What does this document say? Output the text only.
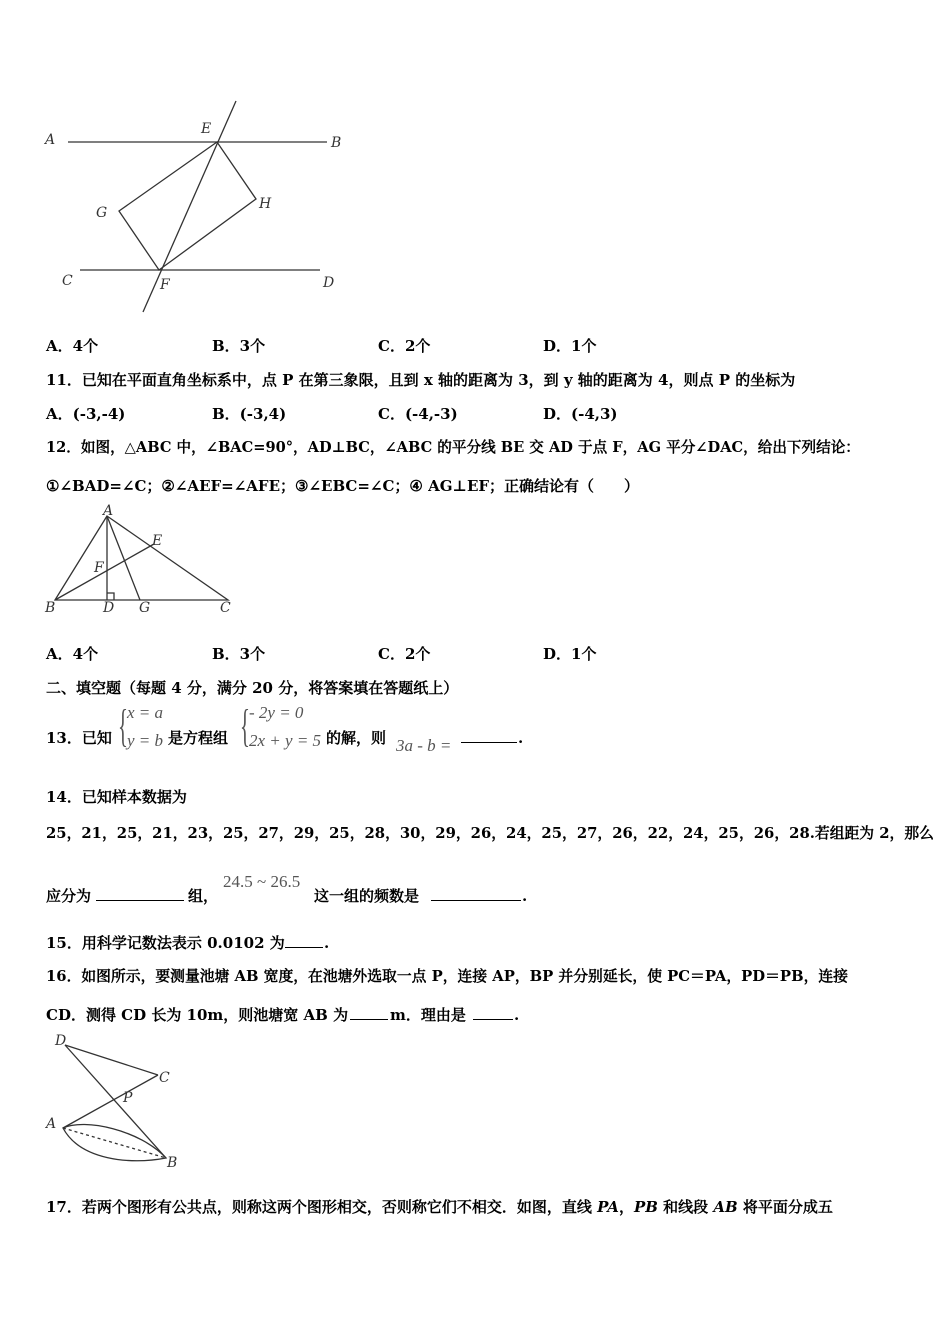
A	B
E
G
H
C	D
F
A．4个	B．3个	C．2个	D．1个
11．已知在平面直角坐标系中，点 P 在第三象限，且到 x 轴的距离为 3，到 y 轴的距离为 4，则点 P 的坐标为
A．(-3,-4)	B．(-3,4)	C．(-4,-3)	D．(-4,3)
12．如图，△ABC 中，∠BAC=90°，AD⊥BC，∠ABC 的平分线 BE 交 AD 于点 F，AG 平分∠DAC，给出下列结论：
①∠BAD=∠C；②∠AEF=∠AFE；③∠EBC=∠C；④ AG⊥EF；正确结论有（　　）
A
E
F
B	D G	C
A．4个	B．3个	C．2个	D．1个
二、填空题（每题 4 分，满分 20 分，将答案填在答题纸上）
13．已知 { x = a
y = b 是方程组 { - 2y = 0
2x + y = 5 的解，则 3a - b =	.
14．已知样本数据为
25，21，25，21，23，25，27，29，25，28，30，29，26，24，25，27，26，22，24，25，26，28.若组距为 2，那么
应分为	组，
24.5 ~ 26.5
这一组的频数是	.
15．用科学记数法表示 0.0102 为	.
16．如图所示，要测量池塘 AB 宽度，在池塘外选取一点 P，连接 AP，BP 并分别延长，使 PC＝PA，PD＝PB，连接
CD．测得 CD 长为 10m，则池塘宽 AB 为	m．理由是	.
D
C
P
A
B
17．若两个图形有公共点，则称这两个图形相交，否则称它们不相交．如图，直线 PA，PB 和线段 AB 将平面分成五
